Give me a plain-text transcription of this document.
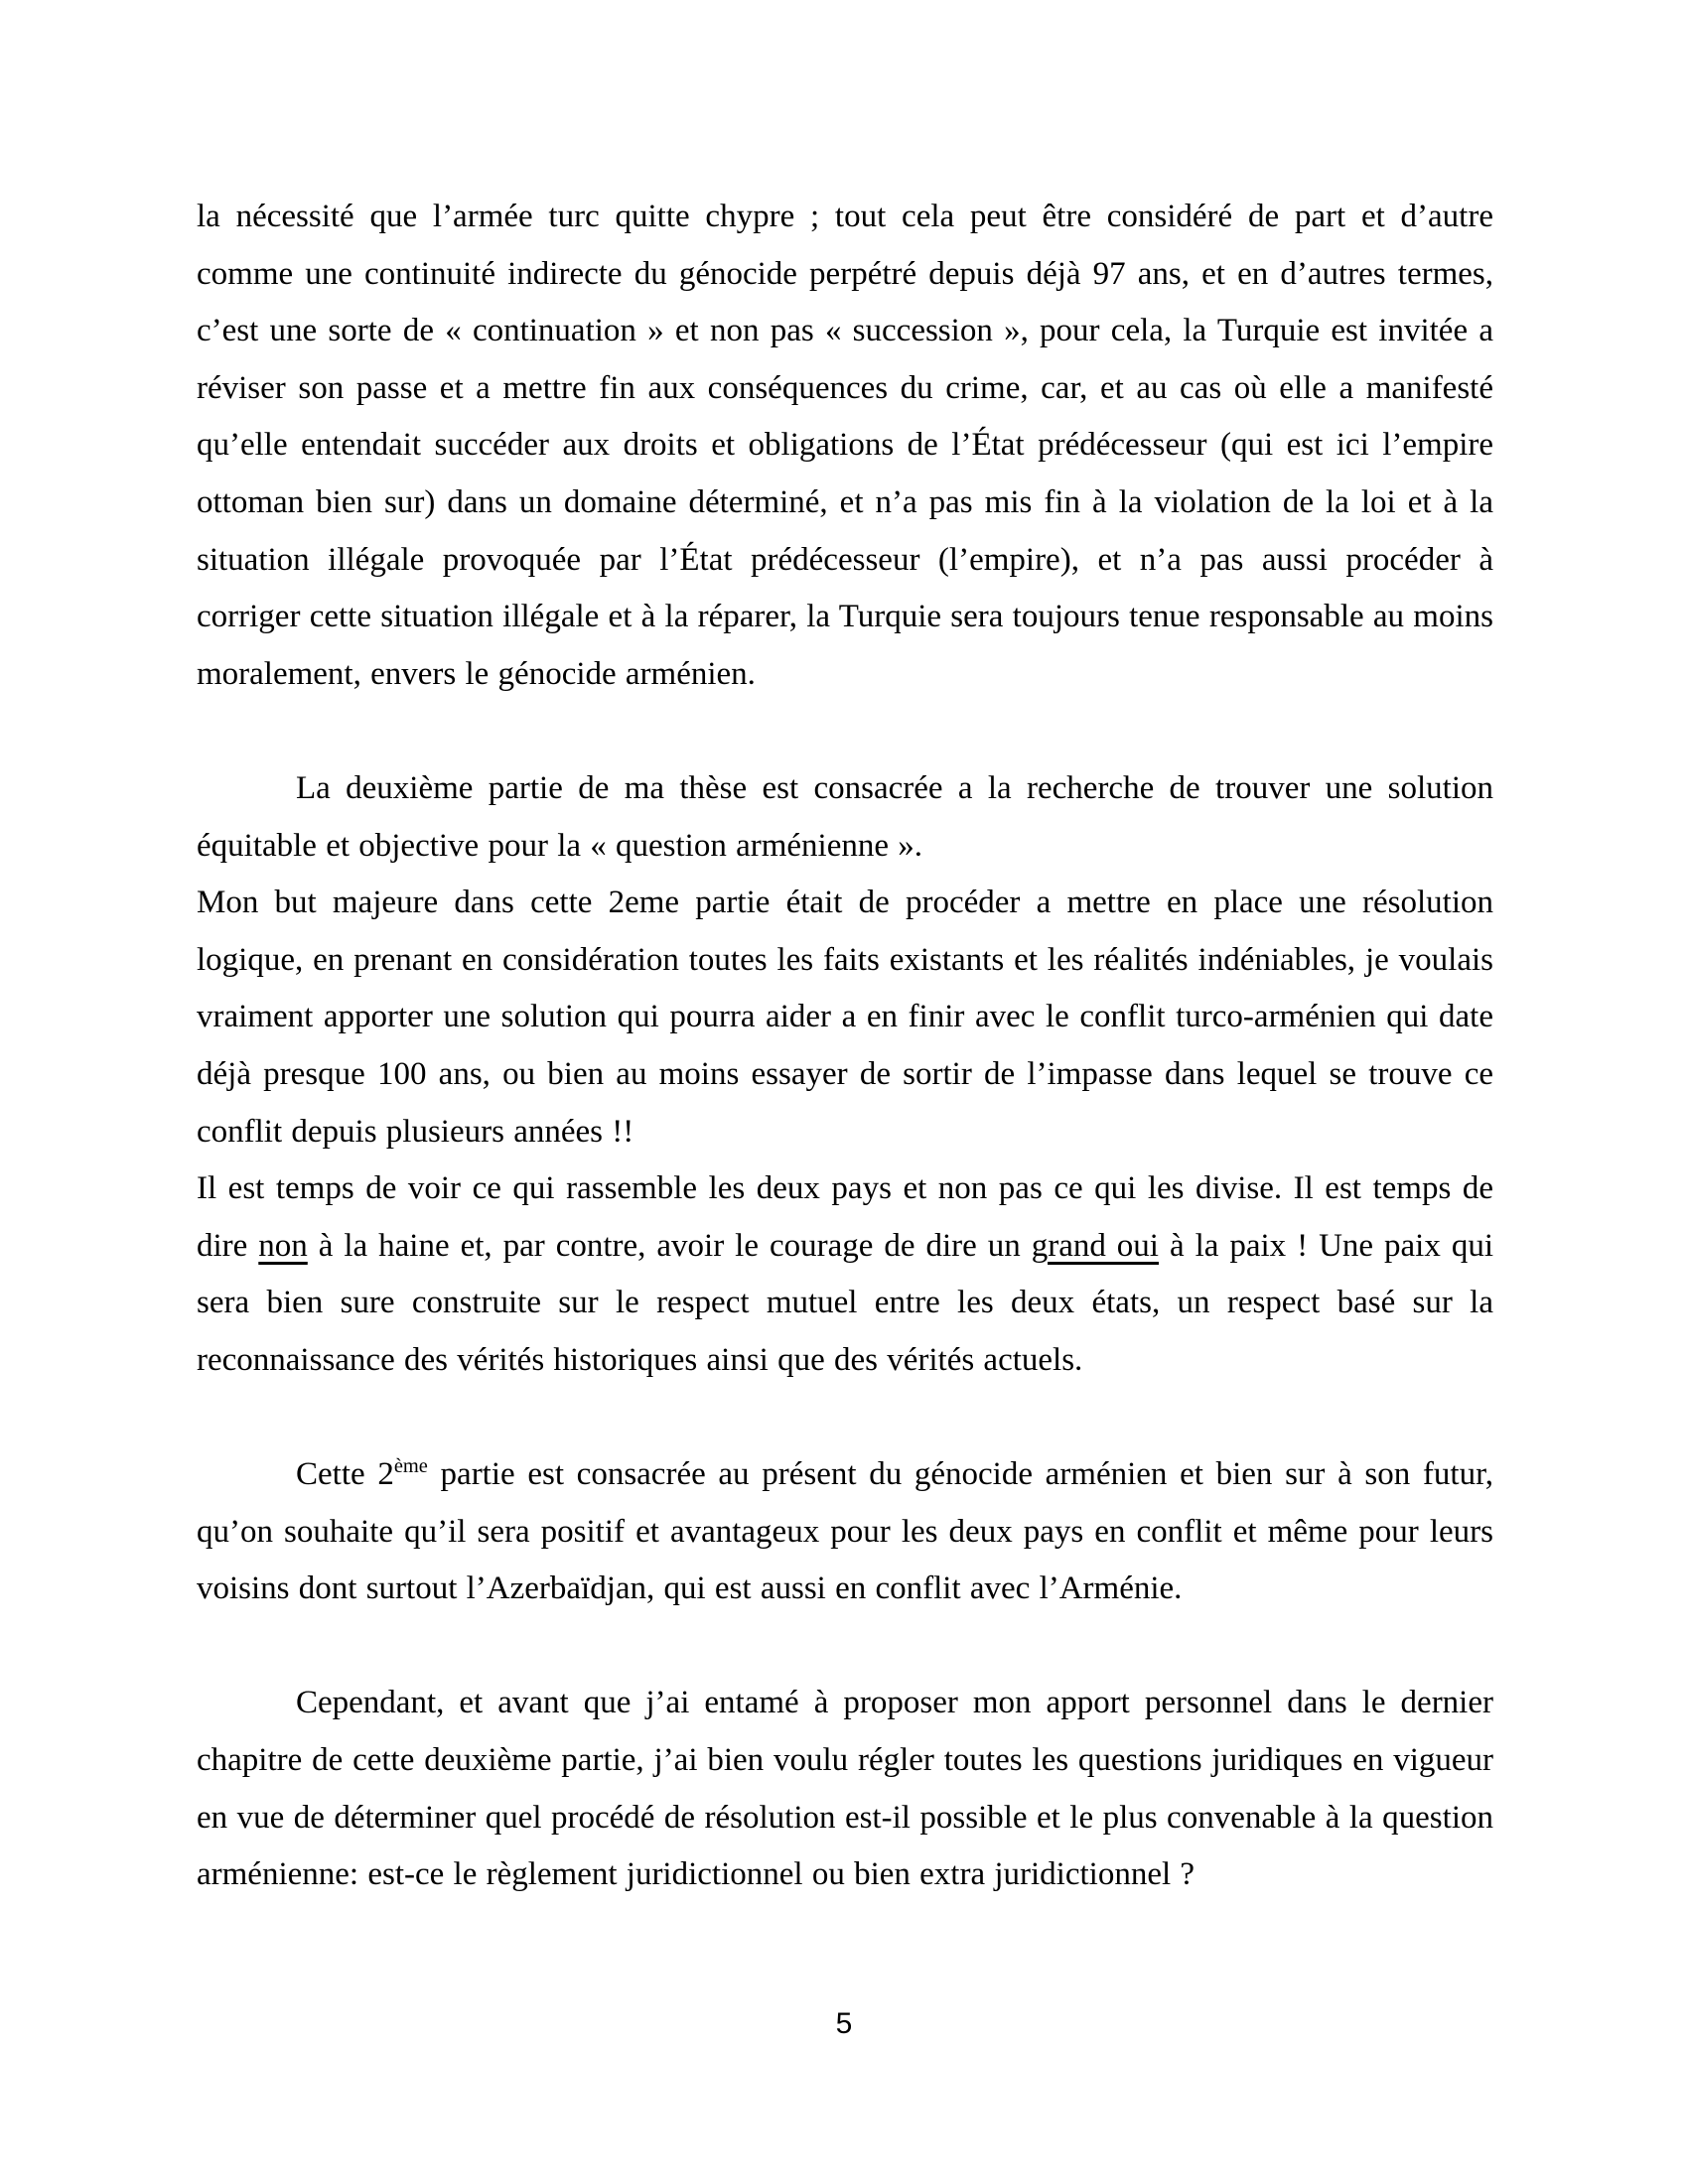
la nécessité que l’armée turc quitte chypre ; tout cela peut être considéré de part et d’autre comme une continuité indirecte du génocide perpétré depuis déjà 97 ans, et en d’autres termes, c’est une sorte de « continuation » et non pas « succession », pour cela, la Turquie est invitée a réviser son passe et a mettre fin aux conséquences du crime, car, et au cas où elle a manifesté qu’elle entendait succéder aux droits et obligations de l’État prédécesseur (qui est ici l’empire ottoman bien sur) dans un domaine déterminé, et n’a pas mis fin à la violation de la loi et à la situation illégale provoquée par l’État prédécesseur (l’empire), et n’a pas aussi procéder à corriger cette situation illégale et à la réparer, la Turquie sera toujours tenue responsable au moins moralement, envers le génocide arménien.

La deuxième partie de ma thèse est consacrée a la recherche de trouver une solution équitable et objective pour la « question arménienne ».

Mon but majeure dans cette 2eme partie était de procéder a mettre en place une résolution logique, en prenant en considération toutes les faits existants et les réalités indéniables, je voulais vraiment apporter une solution qui pourra aider a en finir avec le conflit turco-arménien qui date déjà presque 100 ans, ou bien au moins essayer de sortir de l’impasse dans lequel se trouve ce conflit depuis plusieurs années !!

Il est temps de voir ce qui rassemble les deux pays et non pas ce qui les divise. Il est temps de dire non à la haine et, par contre, avoir le courage de dire un grand oui à la paix ! Une paix qui sera bien sure construite sur le respect mutuel entre les deux états, un respect basé sur la reconnaissance des vérités historiques ainsi que des vérités actuels.

Cette 2ème partie est consacrée au présent du génocide arménien et bien sur à son futur, qu’on souhaite qu’il sera positif et avantageux pour les deux pays en conflit et même pour leurs voisins dont surtout l’Azerbaïdjan, qui est aussi en conflit avec l’Arménie.

Cependant, et avant que j’ai entamé à proposer mon apport personnel dans le dernier chapitre de cette deuxième partie, j’ai bien voulu régler toutes les questions juridiques en vigueur en vue de déterminer quel procédé de résolution est-il possible et le plus convenable à la question arménienne: est-ce le règlement juridictionnel ou bien extra juridictionnel ?

5
